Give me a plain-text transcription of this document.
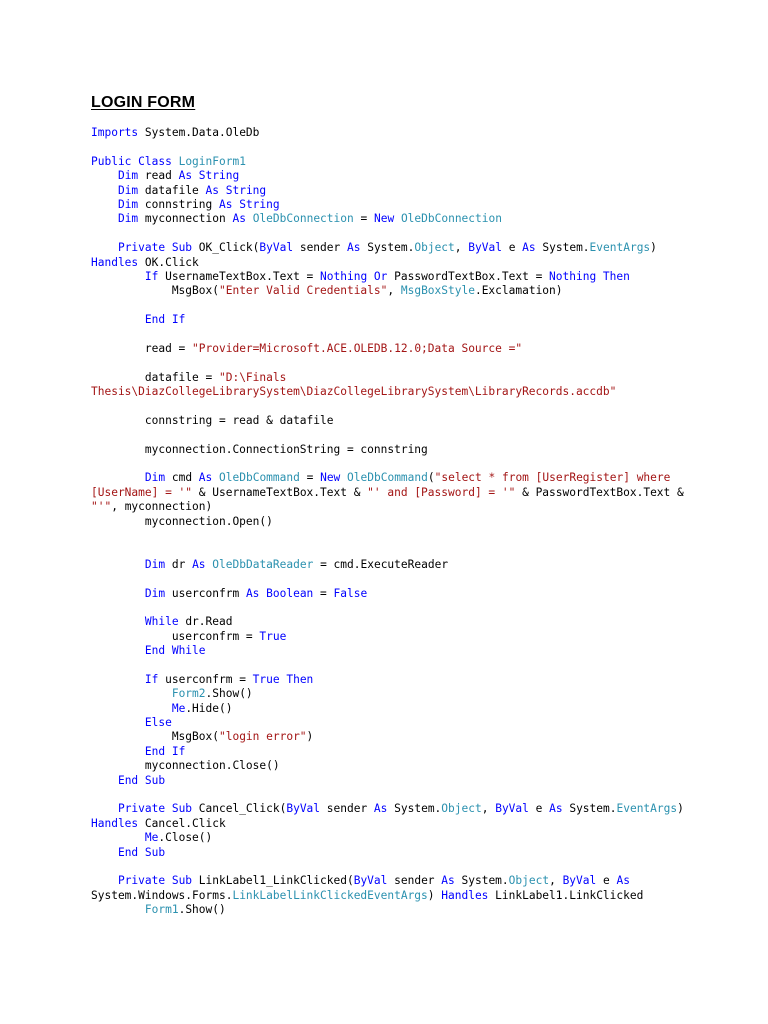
LOGIN FORM
Imports System.Data.OleDb
Public Class LoginForm1
Dim read As String
Dim datafile As String
Dim connstring As String
Dim myconnection As OleDbConnection = New OleDbConnection
Private Sub OK_Click(ByVal sender As System.Object, ByVal e As System.EventArgs)
Handles OK.Click
If UsernameTextBox.Text = Nothing Or PasswordTextBox.Text = Nothing Then
MsgBox("Enter Valid Credentials", MsgBoxStyle.Exclamation)
End If
read = "Provider=Microsoft.ACE.OLEDB.12.0;Data Source ="
datafile = "D:\Finals
Thesis\DiazCollegeLibrarySystem\DiazCollegeLibrarySystem\LibraryRecords.accdb"
connstring = read & datafile
myconnection.ConnectionString = connstring
Dim cmd As OleDbCommand = New OleDbCommand("select * from [UserRegister] where
[UserName] = '" & UsernameTextBox.Text & "' and [Password] = '" & PasswordTextBox.Text &
"'", myconnection)
myconnection.Open()
Dim dr As OleDbDataReader = cmd.ExecuteReader
Dim userconfrm As Boolean = False
While dr.Read
userconfrm = True
End While
If userconfrm = True Then
Form2.Show()
Me.Hide()
Else
MsgBox("login error")
End If
myconnection.Close()
End Sub
Private Sub Cancel_Click(ByVal sender As System.Object, ByVal e As System.EventArgs)
Handles Cancel.Click
Me.Close()
End Sub
Private Sub LinkLabel1_LinkClicked(ByVal sender As System.Object, ByVal e As
System.Windows.Forms.LinkLabelLinkClickedEventArgs) Handles LinkLabel1.LinkClicked
Form1.Show()
